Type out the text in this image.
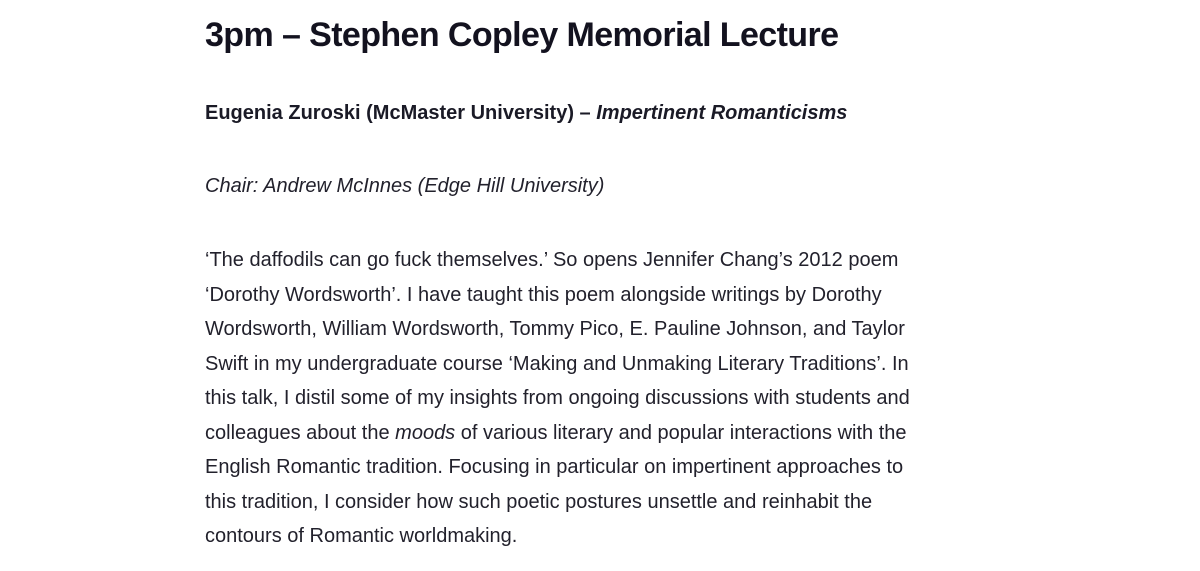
3pm – Stephen Copley Memorial Lecture

Eugenia Zuroski (McMaster University) – Impertinent Romanticisms

Chair: Andrew McInnes (Edge Hill University)

‘The daffodils can go fuck themselves.’ So opens Jennifer Chang’s 2012 poem
‘Dorothy Wordsworth’. I have taught this poem alongside writings by Dorothy
Wordsworth, William Wordsworth, Tommy Pico, E. Pauline Johnson, and Taylor
Swift in my undergraduate course ‘Making and Unmaking Literary Traditions’. In
this talk, I distil some of my insights from ongoing discussions with students and
colleagues about the moods of various literary and popular interactions with the
English Romantic tradition. Focusing in particular on impertinent approaches to
this tradition, I consider how such poetic postures unsettle and reinhabit the
contours of Romantic worldmaking.
